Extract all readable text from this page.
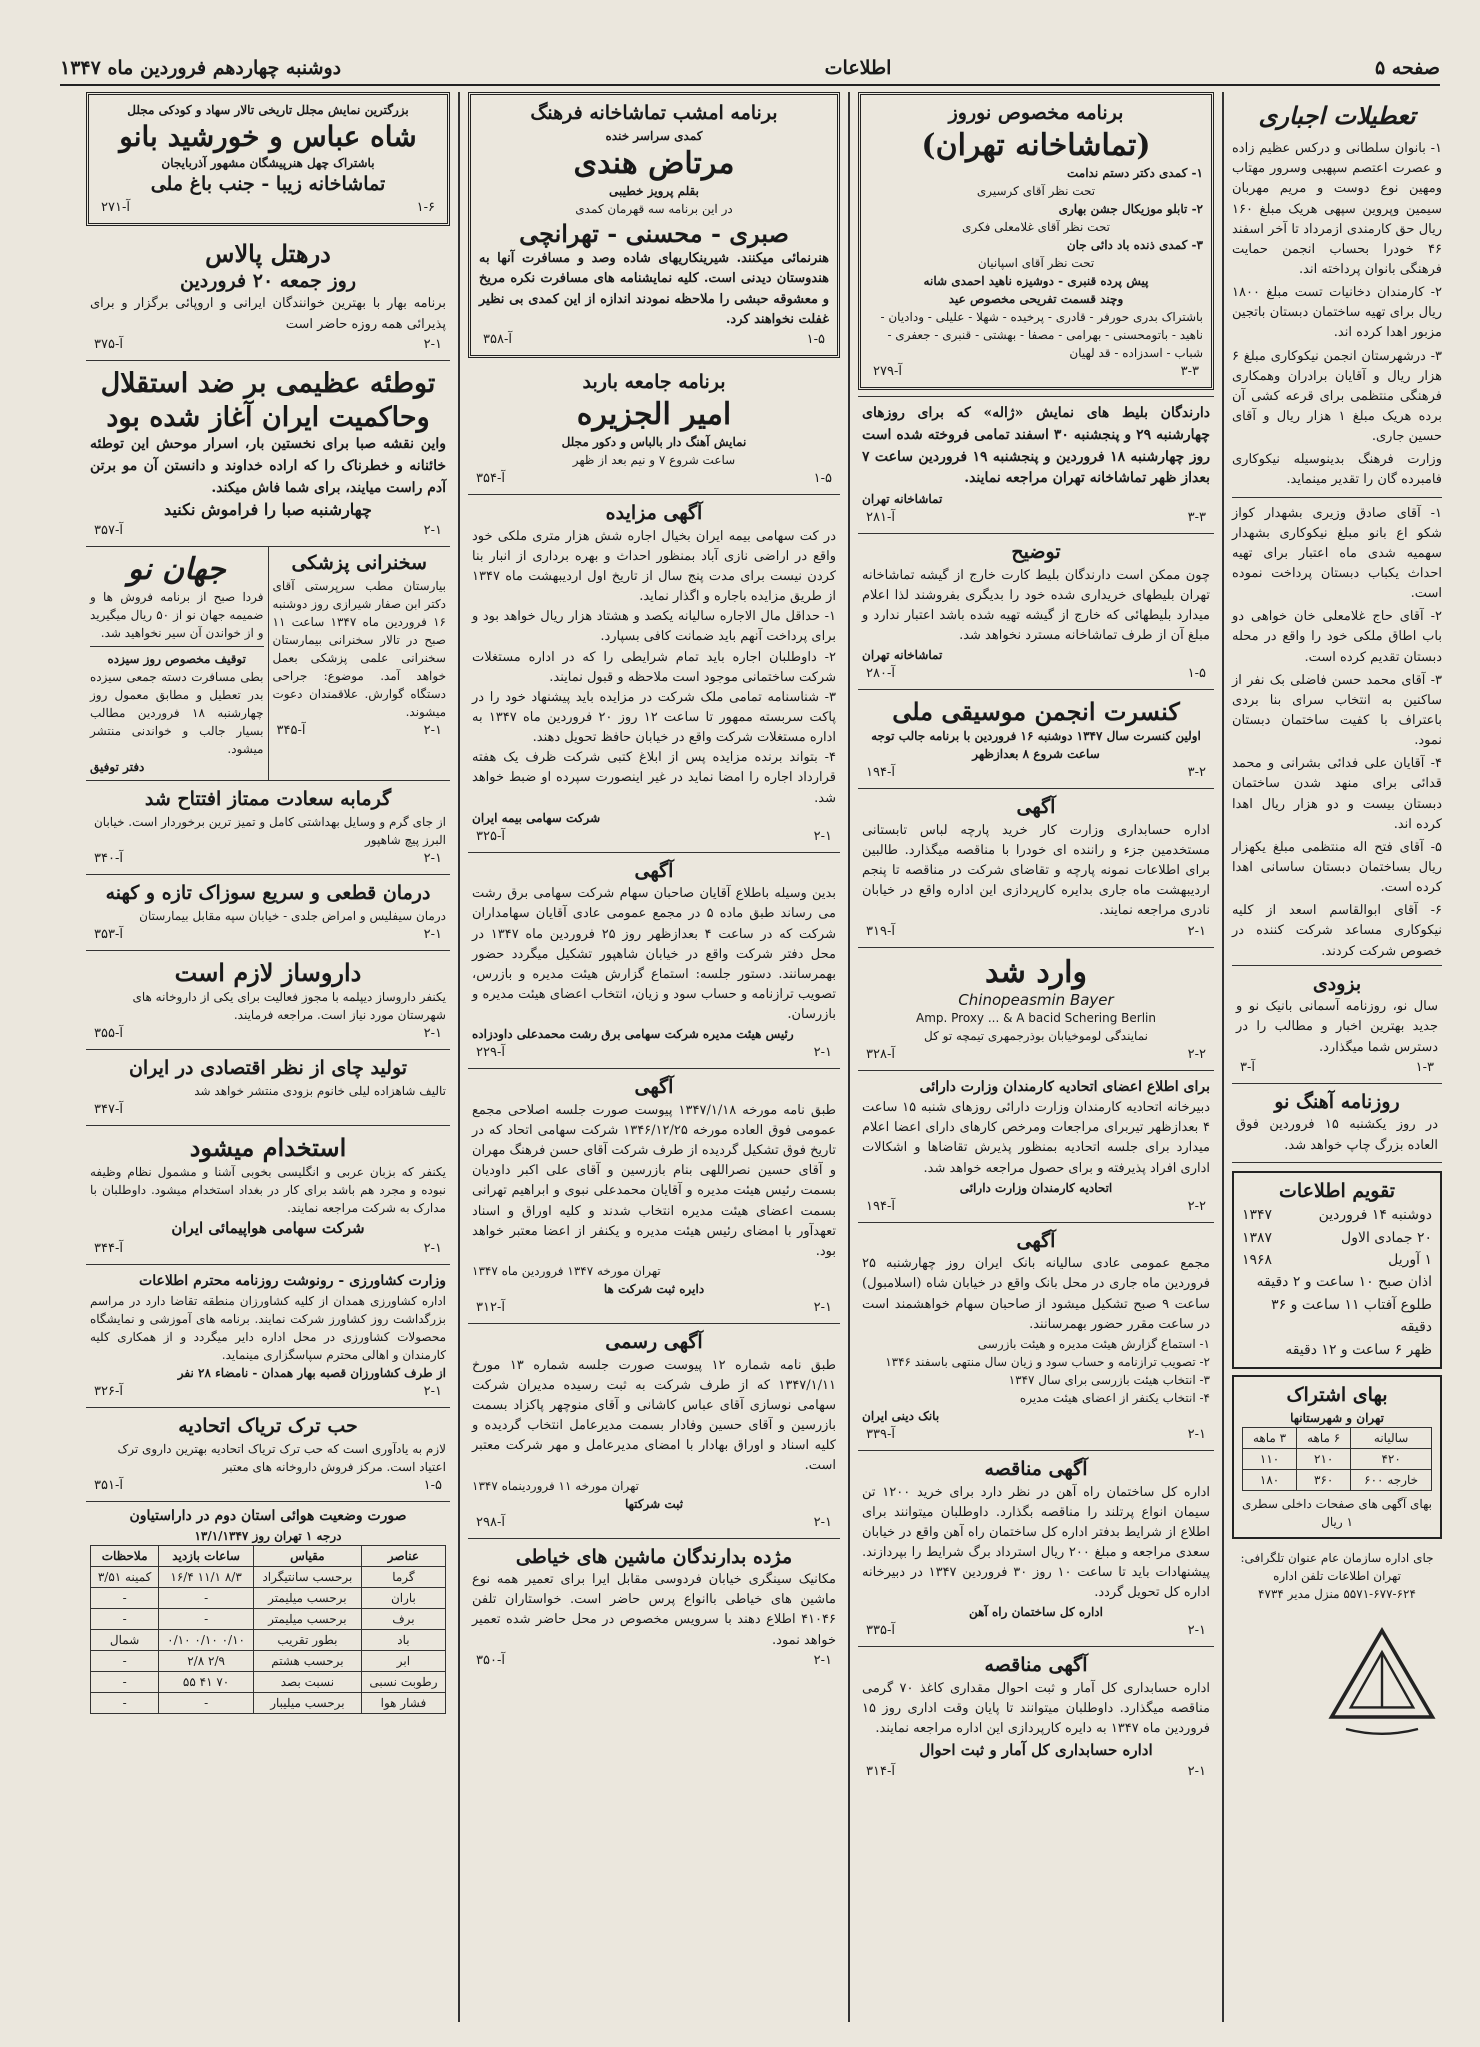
صفحه ۵
اطلاعات
دوشنبه چهاردهم فروردین ماه ۱۳۴۷
تعطیلات اجباری

۱- بانوان سلطانی و درکس عظیم زاده و عصرت اعتصم سپهبی وسرور مهتاب ومهین نوع دوست و مریم مهربان سیمین وپروین سپهی هریک مبلغ ۱۶۰ ریال حق کارمندی ازمرداد تا آخر اسفند ۴۶ خودرا بحساب انجمن حمایت فرهنگی بانوان پرداخته اند.

۲- کارمندان دخانیات تست مبلغ ۱۸۰۰ ریال برای تهیه ساختمان دبستان باتجین مزبور اهدا کرده اند.

۳- درشهرستان انجمن نیکوکاری مبلغ ۶ هزار ریال و آقایان برادران وهمکاری فرهنگی منتظمی برای قرعه کشی آن برده هریک مبلغ ۱ هزار ریال و آقای حسین جاری.

وزارت فرهنگ بدینوسیله نیکوکاری فامبرده گان را تقدیر مینماید.

۱- آقای صادق وزیری بشهدار کواز شکو اع بانو مبلغ نیکوکاری بشهدار سهمیه شدی ماه اعتبار برای تهیه احداث یکباب دبستان پرداخت نموده است.

۲- آقای حاج غلامعلی خان خواهی دو باب اطاق ملکی خود را واقع در محله دبستان تقدیم کرده است.

۳- آقای محمد حسن فاضلی بک نفر از ساکنین به انتخاب سرای بنا بردی باعتراف با کفیت ساختمان دبستان نمود.

۴- آقایان علی فدائی بشرانی و محمد قدائی برای منهد شدن ساختمان دبستان بیست و دو هزار ریال اهدا کرده اند.

۵- آقای فتح اله منتظمی مبلغ یکهزار ریال بساختمان دبستان ساسانی اهدا کرده است.

۶- آقای ابوالقاسم اسعد از کلیه نیکوکاری مساعد شرکت کننده در خصوص شرکت کردند.

بزودی
سال نو، روزنامه آسمانی بانیک نو و جدید بهترین اخبار و مطالب را در دسترس شما میگذارد.
آ-۳	۱-۳
روزنامه آهنگ نو
در روز یکشنبه ۱۵ فروردین فوق العاده بزرگ چاپ خواهد شد.
تقویم اطلاعات
دوشنبه ۱۴ فروردین
۱۳۴۷
۲۰ جمادی الاول
۱۳۸۷
۱ آوریل
۱۹۶۸
اذان صبح ۱۰ ساعت و ۲ دقیقه
طلوع آفتاب ۱۱ ساعت و ۳۶ دقیقه
ظهر ۶ ساعت و ۱۲ دقیقه
بهای اشتراک
تهران و شهرستانها
سالیانه	۶ ماهه	۳ ماهه
۴۲۰	۲۱۰	۱۱۰
خارجه ۶۰۰	۳۶۰	۱۸۰
بهای آگهی های صفحات داخلی سطری ۱ ریال
جای اداره سازمان عام عنوان تلگرافی: تهران اطلاعات تلفن اداره ۶۲۴-۶۷۷-۵۵۷۱ منزل مدیر ۴۷۳۴
برنامه مخصوص نوروز
(تماشاخانه تهران)
۱- کمدی دکتر دستم ندامت
تحت نظر آقای کرسیری
۲- تابلو موزیکال جشن بهاری
تحت نظر آقای غلامعلی فکری
۳- کمدی ذنده باد دائی جان
تحت نظر آقای اسپانیان
پیش پرده قنبری - دوشیزه ناهید احمدی شانه
وچند قسمت تفریحی مخصوص عید
باشتراک بدری حورفر - قادری - پرخیده - شهلا - علیلی - ودادیان - ناهید - باتومحسنی - بهرامی - مصفا - بهشتی - قنبری - جعفری - شباب - اسدزاده - قد لهیان
آ-۲۷۹	۳-۳
دارندگان بلیط های نمایش «ژاله» که برای روزهای چهارشنبه ۲۹ و پنجشنبه ۳۰ اسفند تمامی فروخته شده است روز چهارشنبه ۱۸ فروردین و پنجشنبه ۱۹ فروردین ساعت ۷ بعداز ظهر تماشاخانه تهران مراجعه نمایند.
تماشاخانه تهران
آ-۲۸۱	۳-۳
توضیح
چون ممکن است دارندگان بلیط کارت خارج از گیشه تماشاخانه تهران بلیطهای خریداری شده خود را بدیگری بفروشند لذا اعلام میدارد بلیطهائی که خارج از گیشه تهیه شده باشد اعتبار ندارد و مبلغ آن از طرف تماشاخانه مسترد نخواهد شد.
تماشاخانه تهران
آ-۲۸۰	۱-۵
کنسرت انجمن موسیقی ملی
اولین کنسرت سال ۱۳۴۷ دوشنبه ۱۶ فروردین با برنامه جالب توجه ساعت شروع ۸ بعدازظهر
آ-۱۹۴	۳-۲
آگهی
اداره حسابداری وزارت کار خرید پارچه لباس تابستانی مستخدمین جزء و راننده ای خودرا با مناقصه میگذارد. طالبین برای اطلاعات نمونه پارچه و تقاضای شرکت در مناقصه تا پنجم اردیبهشت ماه جاری بدایره کارپردازی این اداره واقع در خیابان نادری مراجعه نمایند.
آ-۳۱۹	۲-۱
وارد شد
Chinopeasmin Bayer
Amp. Proxy ... & A bacid Schering Berlin
نمایندگی لوموخیابان بوذرجمهری تیمچه تو کل
آ-۳۲۸	۲-۲
برای اطلاع اعضای اتحادیه کارمندان وزارت دارائی
دبیرخانه اتحادیه کارمندان وزارت دارائی روزهای شنبه ۱۵ ساعت ۴ بعدازظهر تیربرای مراجعات ومرخص کارهای دارای اعضا اعلام میدارد برای جلسه اتحادیه بمنظور پذیرش تقاضاها و اشکالات اداری افراد پذیرفته و برای حصول مراجعه خواهد شد.
اتحادیه کارمندان وزارت دارائی
آ-۱۹۴	۲-۲
آگهی
مجمع عمومی عادی سالیانه بانک ایران روز چهارشنبه ۲۵ فروردین ماه جاری در محل بانک واقع در خیابان شاه (اسلامبول) ساعت ۹ صبح تشکیل میشود از صاحبان سهام خواهشمند است در ساعت مقرر حضور بهمرسانند.
۱- استماع گزارش هیئت مدیره و هیئت بازرسی
۲- تصویب ترازنامه و حساب سود و زیان سال منتهی باسفند ۱۳۴۶
۳- انتخاب هیئت بازرسی برای سال ۱۳۴۷
۴- انتخاب یکنفر از اعضای هیئت مدیره
بانک دینی ایران
آ-۳۳۹	۲-۱
آگهی مناقصه
اداره کل ساختمان راه آهن در نظر دارد برای خرید ۱۲۰۰ تن سیمان انواع پرتلند را مناقصه بگذارد. داوطلبان میتوانند برای اطلاع از شرایط بدفتر اداره کل ساختمان راه آهن واقع در خیابان سعدی مراجعه و مبلغ ۲۰۰ ریال استرداد برگ شرایط را بپردازند. پیشنهادات باید تا ساعت ۱۰ روز ۳۰ فروردین ۱۳۴۷ در دبیرخانه اداره کل تحویل گردد.
اداره کل ساختمان راه آهن
آ-۳۳۵	۲-۱
آگهی مناقصه
اداره حسابداری کل آمار و ثبت احوال مقداری کاغذ ۷۰ گرمی مناقصه میگذارد. داوطلبان میتوانند تا پایان وقت اداری روز ۱۵ فروردین ماه ۱۳۴۷ به دایره کارپردازی این اداره مراجعه نمایند.
اداره حسابداری کل آمار و ثبت احوال
آ-۳۱۴	۲-۱
برنامه امشب تماشاخانه فرهنگ
کمدی سراسر خنده
مرتاض هندی
بقلم پرویز خطیبی
در این برنامه سه قهرمان کمدی
صبری - محسنی - تهرانچی
هنرنمائی میکنند. شیرینکاریهای شاده وصد و مسافرت آنها به هندوستان دیدنی است. کلیه نمایشنامه های مسافرت نکره مریخ و معشوقه حبشی را ملاحظه نمودند اندازه از این کمدی بی نظیر غفلت نخواهند کرد.
آ-۳۵۸	۱-۵
برنامه جامعه باربد
امیر الجزیره
نمایش آهنگ دار بالباس و دکور مجلل
ساعت شروع ۷ و نیم بعد از ظهر
آ-۳۵۴	۱-۵
آگهی مزایده
در کت سهامی بیمه ایران بخیال اجاره شش هزار متری ملکی خود واقع در اراضی نازی آباد بمنظور احداث و بهره برداری از انبار بنا کردن نیست برای مدت پنج سال از تاریخ اول اردیبهشت ماه ۱۳۴۷ از طریق مزایده باجاره و اگذار نماید.
۱- حداقل مال الاجاره سالیانه یکصد و هشتاد هزار ریال خواهد بود و برای پرداخت آنهم باید ضمانت کافی بسپارد.
۲- داوطلبان اجاره باید تمام شرایطی را که در اداره مستغلات شرکت ساختمانی موجود است ملاحظه و قبول نمایند.
۳- شناسنامه تمامی ملک شرکت در مزایده باید پیشنهاد خود را در پاکت سربسته ممهور تا ساعت ۱۲ روز ۲۰ فروردین ماه ۱۳۴۷ به اداره مستغلات شرکت واقع در خیابان حافظ تحویل دهند.
۴- بتواند برنده مزایده پس از ابلاغ کتبی شرکت ظرف یک هفته قرارداد اجاره را امضا نماید در غیر اینصورت سپرده او ضبط خواهد شد.
شرکت سهامی بیمه ایران
آ-۳۲۵	۲-۱
آگهی
بدین وسیله باطلاع آقایان صاحبان سهام شرکت سهامی برق رشت می رساند طبق ماده ۵ در مجمع عمومی عادی آقایان سهامداران شرکت که در ساعت ۴ بعدازظهر روز ۲۵ فروردین ماه ۱۳۴۷ در محل دفتر شرکت واقع در خیابان شاهپور تشکیل میگردد حضور بهمرسانند. دستور جلسه: استماع گزارش هیئت مدیره و بازرس، تصویب ترازنامه و حساب سود و زیان، انتخاب اعضای هیئت مدیره و بازرسان.
رئیس هیئت مدیره شرکت سهامی برق رشت محمدعلی داودزاده
آ-۲۲۹	۲-۱
آگهی
طبق نامه مورخه ۱۳۴۷/۱/۱۸ پیوست صورت جلسه اصلاحی مجمع عمومی فوق العاده مورخه ۱۳۴۶/۱۲/۲۵ شرکت سهامی اتحاد که در تاریخ فوق تشکیل گردیده از طرف شرکت آقای حسن فرهنگ مهران و آقای حسین نصراللهی بنام بازرسین و آقای علی اکبر داودیان بسمت رئیس هیئت مدیره و آقایان محمدعلی نبوی و ابراهیم تهرانی بسمت اعضای هیئت مدیره انتخاب شدند و کلیه اوراق و اسناد تعهدآور با امضای رئیس هیئت مدیره و یکنفر از اعضا معتبر خواهد بود.
تهران مورخه ۱۳۴۷ فروردین ماه ۱۳۴۷
دایره ثبت شرکت ها
آ-۳۱۲	۲-۱
آگهی رسمی
طبق نامه شماره ۱۲ پیوست صورت جلسه شماره ۱۳ مورخ ۱۳۴۷/۱/۱۱ که از طرف شرکت به ثبت رسیده مدیران شرکت سهامی نوسازی آقای عباس کاشانی و آقای منوچهر پاکزاد بسمت بازرسین و آقای حسین وفادار بسمت مدیرعامل انتخاب گردیده و کلیه اسناد و اوراق بهادار با امضای مدیرعامل و مهر شرکت معتبر است.
تهران مورخه ۱۱ فروردینماه ۱۳۴۷
ثبت شرکتها
آ-۲۹۸	۲-۱
مژده بدارندگان ماشین های خیاطی
مکانیک سینگری خیابان فردوسی مقابل ایرا برای تعمیر همه نوع ماشین های خیاطی باانواع پرس حاضر است. خواستاران تلفن ۴۱۰۴۶ اطلاع دهند با سرویس مخصوص در محل حاضر شده تعمیر خواهد نمود.
آ-۳۵۰	۲-۱
بزرگترین نمایش مجلل تاریخی تالار سهاد و کودکی مجلل
شاه عباس و خورشید بانو
باشتراک چهل هنرپیشگان مشهور آذربایجان
تماشاخانه زیبا - جنب باغ ملی
آ-۲۷۱	۱-۶
درهتل پالاس
روز جمعه ۲۰ فروردین
برنامه بهار با بهترین خوانندگان ایرانی و اروپائی برگزار و برای پذیرائی همه روزه حاضر است
آ-۳۷۵	۲-۱
توطئه عظیمی بر ضد استقلال
وحاکمیت ایران آغاز شده بود
واین نقشه صبا برای نخستین بار، اسرار موحش این توطئه خائنانه و خطرناک را که اراده خداوند و دانستن آن مو برتن آدم راست میایند، برای شما فاش میکند.
چهارشنبه صبا را فراموش نکنید
آ-۳۵۷	۲-۱
سخنرانی پزشکی
بیارستان مطب سرپرستی آقای دکتر ابن صفار شیرازی روز دوشنبه ۱۶ فروردین ماه ۱۳۴۷ ساعت ۱۱ صبح در تالار سخنرانی بیمارستان سخنرانی علمی پزشکی بعمل خواهد آمد. موضوع: جراحی دستگاه گوارش. علاقمندان دعوت میشوند.
آ-۳۴۵	۲-۱
جهان نو
فردا صبح از برنامه فروش ها و ضمیمه جهان نو از ۵۰ ریال میگیرید و از خواندن آن سیر نخواهید شد.
توقیف مخصوص روز سیزده
بطی مسافرت دسته جمعی سیزده بدر تعطیل و مطابق معمول روز چهارشنبه ۱۸ فروردین مطالب بسیار جالب و خواندنی منتشر میشود.
دفتر توفیق
گرمابه سعادت ممتاز افتتاح شد
از جای گرم و وسایل بهداشتی کامل و تمیز ترین برخوردار است. خیابان البرز پیچ شاهپور
آ-۳۴۰	۲-۱
درمان قطعی و سریع سوزاک تازه و کهنه
درمان سیفلیس و امراض جلدی - خیابان سپه مقابل بیمارستان
آ-۳۵۳	۲-۱
داروساز لازم است
یکنفر داروساز دیپلمه با مجوز فعالیت برای یکی از داروخانه های شهرستان مورد نیاز است. مراجعه فرمایند.
آ-۳۵۵	۲-۱
تولید چای از نظر اقتصادی در ایران
تالیف شاهزاده لیلی خانوم بزودی منتشر خواهد شد
آ-۳۴۷
استخدام میشود
یکنفر که بزبان عربی و انگلیسی بخوبی آشنا و مشمول نظام وظیفه نبوده و مجرد هم باشد برای کار در بغداد استخدام میشود. داوطلبان با مدارک به شرکت مراجعه نمایند.
شرکت سهامی هواپیمائی ایران
آ-۳۴۴	۲-۱
وزارت کشاورزی - رونوشت روزنامه محترم اطلاعات
اداره کشاورزی همدان از کلیه کشاورزان منطقه تقاضا دارد در مراسم بزرگداشت روز کشاورز شرکت نمایند. برنامه های آموزشی و نمایشگاه محصولات کشاورزی در محل اداره دایر میگردد و از همکاری کلیه کارمندان و اهالی محترم سپاسگزاری مینماید.
از طرف کشاورزان قصبه بهار همدان - نامضاء ۲۸ نفر
آ-۳۲۶	۲-۱
حب ترک تریاک اتحادیه
لازم به یادآوری است که حب ترک تریاک اتحادیه بهترین داروی ترک اعتیاد است. مرکز فروش داروخانه های معتبر
آ-۳۵۱	۱-۵
صورت وضعیت هوائی استان دوم در داراستیاون
درجه ۱ تهران روز ۱۳/۱/۱۳۴۷
عناصر	مقیاس	ساعات بازدید	ملاحظات
گرما	برحسب سانتیگراد	۸/۳ ۱۱/۱ ۱۶/۴	کمینه ۳/۵۱
باران	برحسب میلیمتر	-	-
برف	برحسب میلیمتر	-	-
باد	بطور تقریب	۰/۱۰ ۰/۱۰ ۰/۱۰	شمال
ابر	برحسب هشتم	۲/۹ ۲/۸	-
رطوبت نسبی	نسبت بصد	۷۰ ۴۱ ۵۵	-
فشار هوا	برحسب میلیبار	-	-
